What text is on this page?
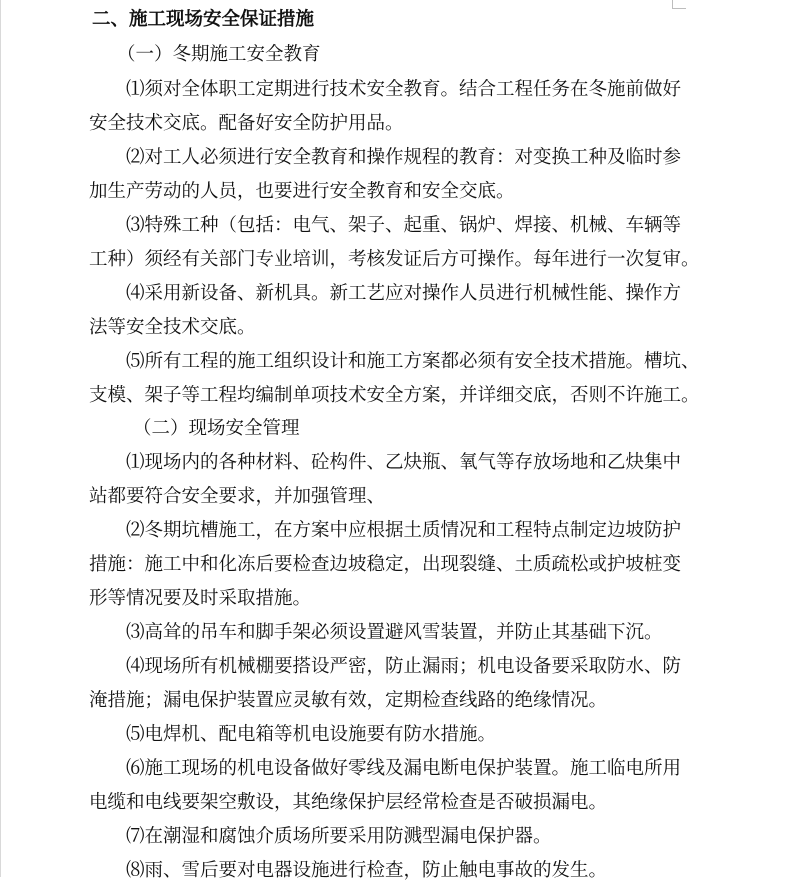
二、施工现场安全保证措施
（一）冬期施工安全教育
⑴须对全体职工定期进行技术安全教育。结合工程任务在冬施前做好
安全技术交底。配备好安全防护用品。
⑵对工人必须进行安全教育和操作规程的教育：对变换工种及临时参
加生产劳动的人员，也要进行安全教育和安全交底。
⑶特殊工种（包括：电气、架子、起重、锅炉、焊接、机械、车辆等
工种）须经有关部门专业培训，考核发证后方可操作。每年进行一次复审。
⑷采用新设备、新机具。新工艺应对操作人员进行机械性能、操作方
法等安全技术交底。
⑸所有工程的施工组织设计和施工方案都必须有安全技术措施。槽坑、
支模、架子等工程均编制单项技术安全方案，并详细交底，否则不许施工。
（二）现场安全管理
⑴现场内的各种材料、砼构件、乙炔瓶、氧气等存放场地和乙炔集中
站都要符合安全要求，并加强管理、
⑵冬期坑槽施工，在方案中应根据土质情况和工程特点制定边坡防护
措施：施工中和化冻后要检查边坡稳定，出现裂缝、土质疏松或护坡桩变
形等情况要及时采取措施。
⑶高耸的吊车和脚手架必须设置避风雪装置，并防止其基础下沉。
⑷现场所有机械棚要搭设严密，防止漏雨；机电设备要采取防水、防
淹措施；漏电保护装置应灵敏有效，定期检查线路的绝缘情况。
⑸电焊机、配电箱等机电设施要有防水措施。
⑹施工现场的机电设备做好零线及漏电断电保护装置。施工临电所用
电缆和电线要架空敷设，其绝缘保护层经常检查是否破损漏电。
⑺在潮湿和腐蚀介质场所要采用防溅型漏电保护器。
⑻雨、雪后要对电器设施进行检查，防止触电事故的发生。
